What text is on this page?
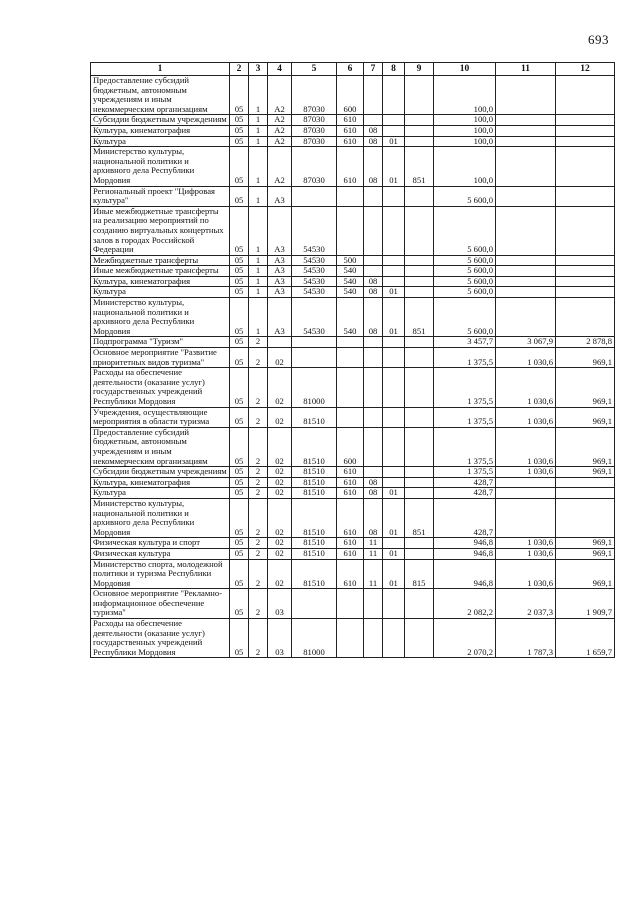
693
1	2	3	4	5	6	7	8	9	10	11	12
Предоставление субсидий бюджетным, автономным учреждениям и иным некоммерческим организациям	05	1	А2	87030	600				100,0		
Субсидии бюджетным учреждениям	05	1	А2	87030	610				100,0		
Культура, кинематография	05	1	А2	87030	610	08			100,0		
Культура	05	1	А2	87030	610	08	01		100,0		
Министерство культуры, национальной политики и архивного дела Республики Мордовия	05	1	А2	87030	610	08	01	851	100,0		
Региональный проект "Цифровая культура"	05	1	А3						5 600,0		
Иные межбюджетные трансферты на реализацию мероприятий по созданию виртуальных концертных залов в городах Российской Федерации	05	1	А3	54530					5 600,0		
Межбюджетные трансферты	05	1	А3	54530	500				5 600,0		
Иные межбюджетные трансферты	05	1	А3	54530	540				5 600,0		
Культура, кинематография	05	1	А3	54530	540	08			5 600,0		
Культура	05	1	А3	54530	540	08	01		5 600,0		
Министерство культуры, национальной политики и архивного дела Республики Мордовия	05	1	А3	54530	540	08	01	851	5 600,0		
Подпрограмма "Туризм"	05	2							3 457,7	3 067,9	2 878,8
Основное мероприятие "Развитие приоритетных видов туризма"	05	2	02						1 375,5	1 030,6	969,1
Расходы на обеспечение деятельности (оказание услуг) государственных учреждений Республики Мордовия	05	2	02	81000					1 375,5	1 030,6	969,1
Учреждения, осуществляющие мероприятия в области туризма	05	2	02	81510					1 375,5	1 030,6	969,1
Предоставление субсидий бюджетным, автономным учреждениям и иным некоммерческим организациям	05	2	02	81510	600				1 375,5	1 030,6	969,1
Субсидии бюджетным учреждениям	05	2	02	81510	610				1 375,5	1 030,6	969,1
Культура, кинематография	05	2	02	81510	610	08			428,7		
Культура	05	2	02	81510	610	08	01		428,7		
Министерство культуры, национальной политики и архивного дела Республики Мордовия	05	2	02	81510	610	08	01	851	428,7		
Физическая культура и спорт	05	2	02	81510	610	11			946,8	1 030,6	969,1
Физическая культура	05	2	02	81510	610	11	01		946,8	1 030,6	969,1
Министерство спорта, молодежной политики и туризма Республики Мордовия	05	2	02	81510	610	11	01	815	946,8	1 030,6	969,1
Основное мероприятие "Рекламно-информационное обеспечение туризма"	05	2	03						2 082,2	2 037,3	1 909,7
Расходы на обеспечение деятельности (оказание услуг) государственных учреждений Республики Мордовия	05	2	03	81000					2 070,2	1 787,3	1 659,7
